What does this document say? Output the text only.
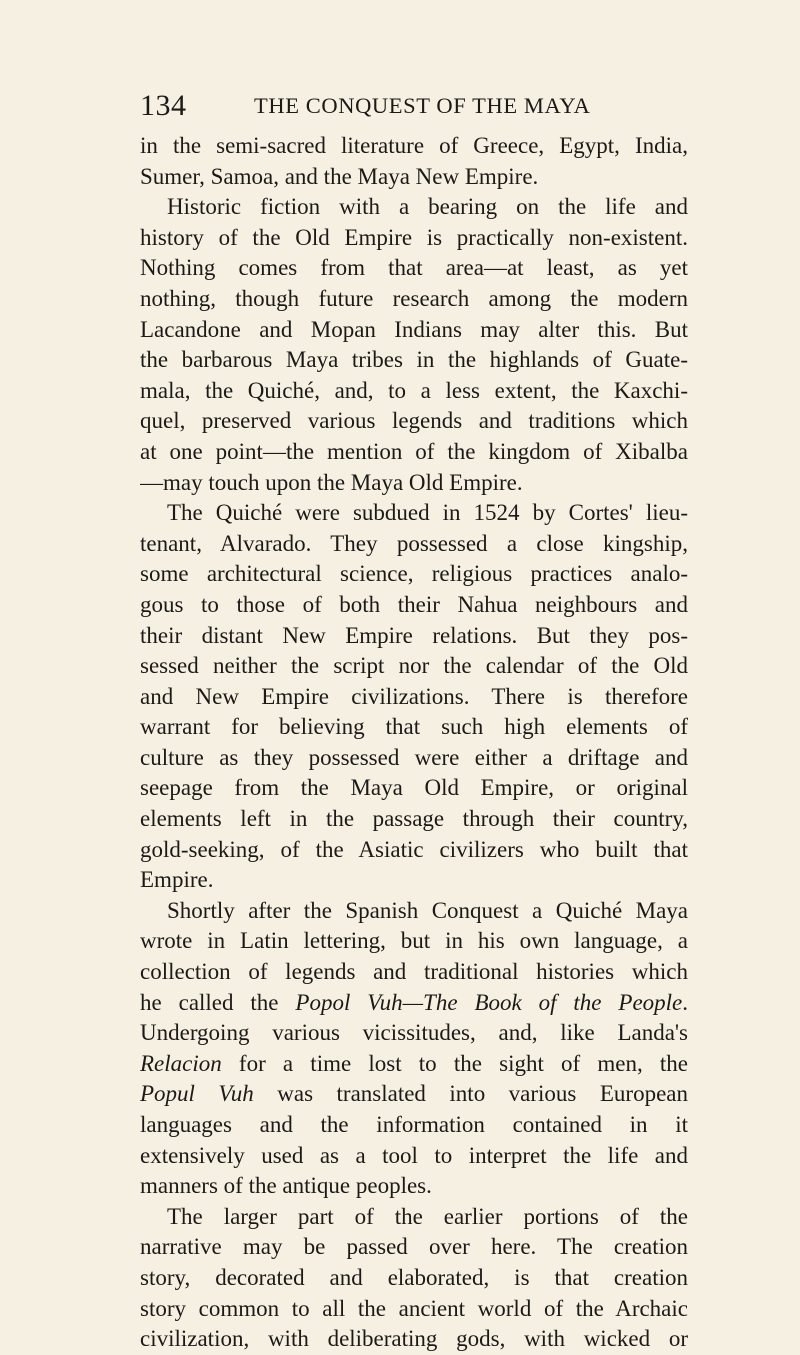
134	THE CONQUEST OF THE MAYA
in the semi-sacred literature of Greece, Egypt, India,
Sumer, Samoa, and the Maya New Empire.
Historic fiction with a bearing on the life and
history of the Old Empire is practically non-existent.
Nothing comes from that area—at least, as yet
nothing, though future research among the modern
Lacandone and Mopan Indians may alter this. But
the barbarous Maya tribes in the highlands of Guate-
mala, the Quiché, and, to a less extent, the Kaxchi-
quel, preserved various legends and traditions which
at one point—the mention of the kingdom of Xibalba
—may touch upon the Maya Old Empire.
The Quiché were subdued in 1524 by Cortes' lieu-
tenant, Alvarado. They possessed a close kingship,
some architectural science, religious practices analo-
gous to those of both their Nahua neighbours and
their distant New Empire relations. But they pos-
sessed neither the script nor the calendar of the Old
and New Empire civilizations. There is therefore
warrant for believing that such high elements of
culture as they possessed were either a driftage and
seepage from the Maya Old Empire, or original
elements left in the passage through their country,
gold-seeking, of the Asiatic civilizers who built that
Empire.
Shortly after the Spanish Conquest a Quiché Maya
wrote in Latin lettering, but in his own language, a
collection of legends and traditional histories which
he called the Popol Vuh—The Book of the People.
Undergoing various vicissitudes, and, like Landa's
Relacion for a time lost to the sight of men, the
Popul Vuh was translated into various European
languages and the information contained in it
extensively used as a tool to interpret the life and
manners of the antique peoples.
The larger part of the earlier portions of the
narrative may be passed over here. The creation
story, decorated and elaborated, is that creation
story common to all the ancient world of the Archaic
civilization, with deliberating gods, with wicked or
